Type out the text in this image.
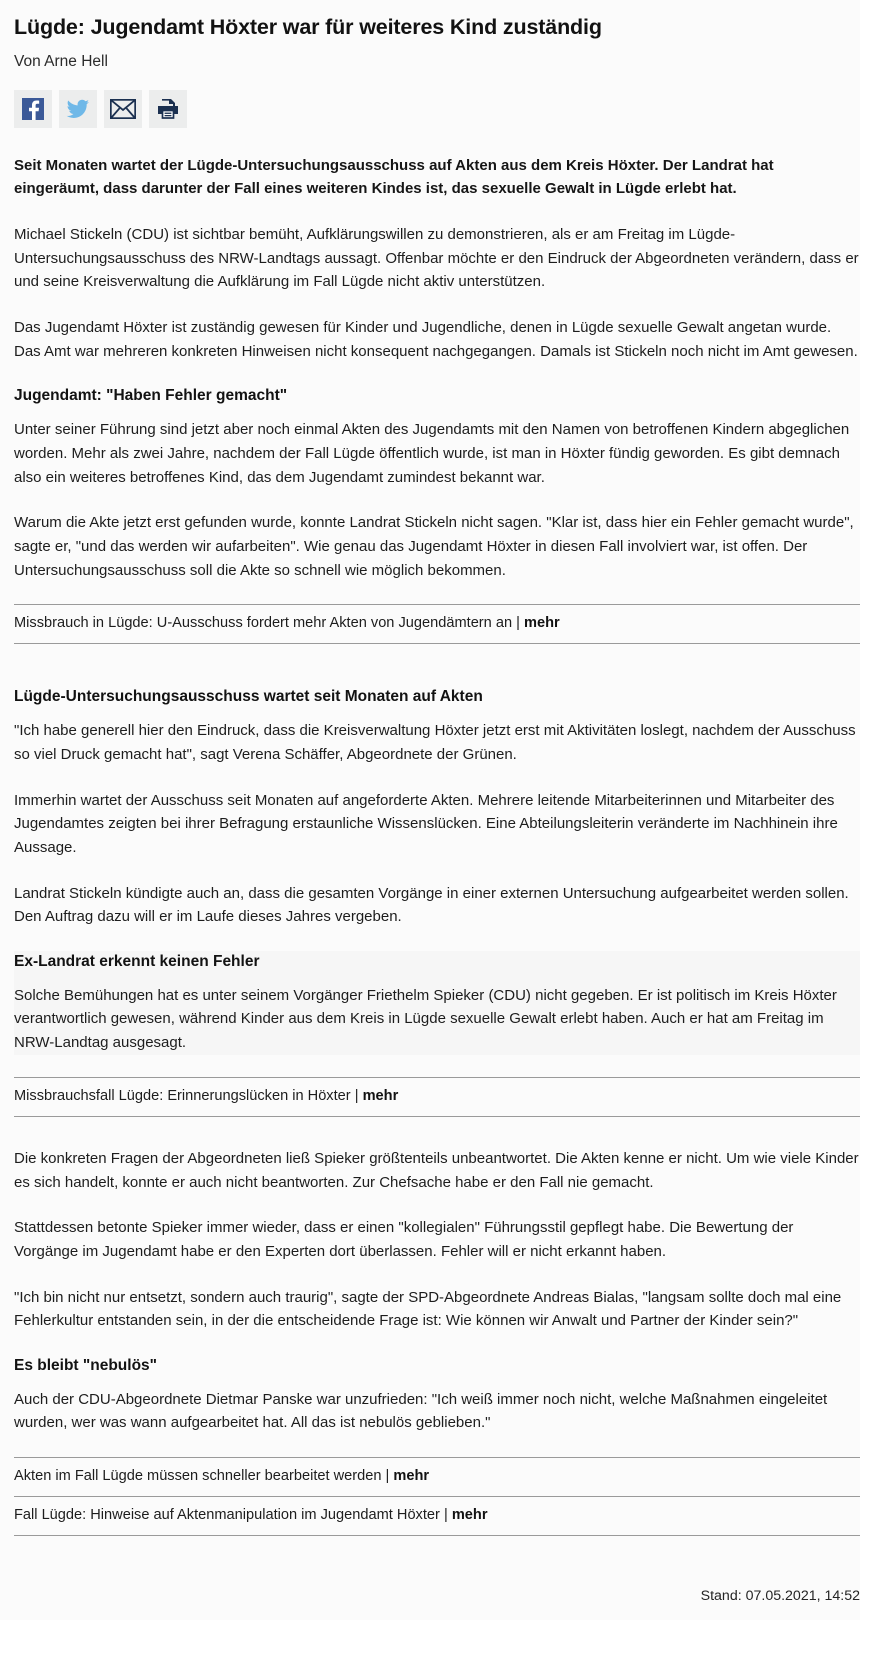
Lügde: Jugendamt Höxter war für weiteres Kind zuständig
Von Arne Hell

Seit Monaten wartet der Lügde-Untersuchungsausschuss auf Akten aus dem Kreis Höxter. Der Landrat hat eingeräumt, dass darunter der Fall eines weiteren Kindes ist, das sexuelle Gewalt in Lügde erlebt hat.

Michael Stickeln (CDU) ist sichtbar bemüht, Aufklärungswillen zu demonstrieren, als er am Freitag im Lügde-Untersuchungsausschuss des NRW-Landtags aussagt. Offenbar möchte er den Eindruck der Abgeordneten verändern, dass er und seine Kreisverwaltung die Aufklärung im Fall Lügde nicht aktiv unterstützen.

Das Jugendamt Höxter ist zuständig gewesen für Kinder und Jugendliche, denen in Lügde sexuelle Gewalt angetan wurde. Das Amt war mehreren konkreten Hinweisen nicht konsequent nachgegangen. Damals ist Stickeln noch nicht im Amt gewesen.

Jugendamt: "Haben Fehler gemacht"

Unter seiner Führung sind jetzt aber noch einmal Akten des Jugendamts mit den Namen von betroffenen Kindern abgeglichen worden. Mehr als zwei Jahre, nachdem der Fall Lügde öffentlich wurde, ist man in Höxter fündig geworden. Es gibt demnach also ein weiteres betroffenes Kind, das dem Jugendamt zumindest bekannt war.

Warum die Akte jetzt erst gefunden wurde, konnte Landrat Stickeln nicht sagen. "Klar ist, dass hier ein Fehler gemacht wurde", sagte er, "und das werden wir aufarbeiten". Wie genau das Jugendamt Höxter in diesen Fall involviert war, ist offen. Der Untersuchungsausschuss soll die Akte so schnell wie möglich bekommen.

Missbrauch in Lügde: U-Ausschuss fordert mehr Akten von Jugendämtern an | mehr
Lügde-Untersuchungsausschuss wartet seit Monaten auf Akten

"Ich habe generell hier den Eindruck, dass die Kreisverwaltung Höxter jetzt erst mit Aktivitäten loslegt, nachdem der Ausschuss so viel Druck gemacht hat", sagt Verena Schäffer, Abgeordnete der Grünen.

Immerhin wartet der Ausschuss seit Monaten auf angeforderte Akten. Mehrere leitende Mitarbeiterinnen und Mitarbeiter des Jugendamtes zeigten bei ihrer Befragung erstaunliche Wissenslücken. Eine Abteilungsleiterin veränderte im Nachhinein ihre Aussage.

Landrat Stickeln kündigte auch an, dass die gesamten Vorgänge in einer externen Untersuchung aufgearbeitet werden sollen. Den Auftrag dazu will er im Laufe dieses Jahres vergeben.

Ex-Landrat erkennt keinen Fehler

Solche Bemühungen hat es unter seinem Vorgänger Friethelm Spieker (CDU) nicht gegeben. Er ist politisch im Kreis Höxter verantwortlich gewesen, während Kinder aus dem Kreis in Lügde sexuelle Gewalt erlebt haben. Auch er hat am Freitag im NRW-Landtag ausgesagt.

Missbrauchsfall Lügde: Erinnerungslücken in Höxter | mehr

Die konkreten Fragen der Abgeordneten ließ Spieker größtenteils unbeantwortet. Die Akten kenne er nicht. Um wie viele Kinder es sich handelt, konnte er auch nicht beantworten. Zur Chefsache habe er den Fall nie gemacht.

Stattdessen betonte Spieker immer wieder, dass er einen "kollegialen" Führungsstil gepflegt habe. Die Bewertung der Vorgänge im Jugendamt habe er den Experten dort überlassen. Fehler will er nicht erkannt haben.

"Ich bin nicht nur entsetzt, sondern auch traurig", sagte der SPD-Abgeordnete Andreas Bialas, "langsam sollte doch mal eine Fehlerkultur entstanden sein, in der die entscheidende Frage ist: Wie können wir Anwalt und Partner der Kinder sein?"

Es bleibt "nebulös"

Auch der CDU-Abgeordnete Dietmar Panske war unzufrieden: "Ich weiß immer noch nicht, welche Maßnahmen eingeleitet wurden, wer was wann aufgearbeitet hat. All das ist nebulös geblieben."

Akten im Fall Lügde müssen schneller bearbeitet werden | mehr
Fall Lügde: Hinweise auf Aktenmanipulation im Jugendamt Höxter | mehr
Stand: 07.05.2021, 14:52
